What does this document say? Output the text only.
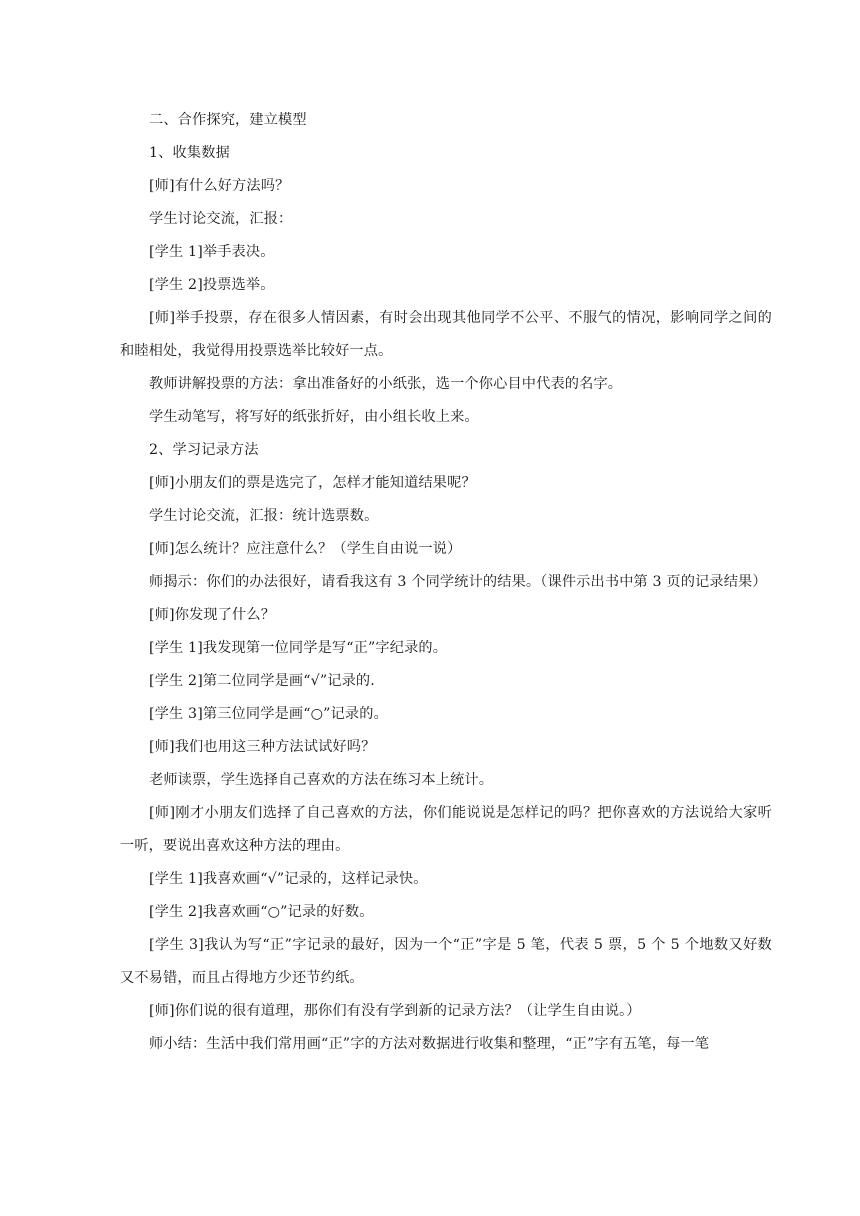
二、合作探究，建立模型

1、收集数据

[师]有什么好方法吗？

学生讨论交流，汇报：

[学生 1]举手表决。

[学生 2]投票选举。

[师]举手投票，存在很多人情因素，有时会出现其他同学不公平、不服气的情况，影响同学之间的和睦相处，我觉得用投票选举比较好一点。

教师讲解投票的方法：拿出准备好的小纸张，选一个你心目中代表的名字。

学生动笔写，将写好的纸张折好，由小组长收上来。

2、学习记录方法

[师]小朋友们的票是选完了，怎样才能知道结果呢？

学生讨论交流，汇报：统计选票数。

[师]怎么统计？应注意什么？（学生自由说一说）

师揭示：你们的办法很好，请看我这有 3 个同学统计的结果。（课件示出书中第 3 页的记录结果）

[师]你发现了什么？

[学生 1]我发现第一位同学是写“正”字纪录的。

[学生 2]第二位同学是画“√”记录的.

[学生 3]第三位同学是画“○”记录的。

[师]我们也用这三种方法试试好吗？

老师读票，学生选择自己喜欢的方法在练习本上统计。

[师]刚才小朋友们选择了自己喜欢的方法，你们能说说是怎样记的吗？把你喜欢的方法说给大家听一听，要说出喜欢这种方法的理由。

[学生 1]我喜欢画“√”记录的，这样记录快。

[学生 2]我喜欢画“○”记录的好数。

[学生 3]我认为写“正”字记录的最好，因为一个“正”字是 5 笔，代表 5 票，5 个 5 个地数又好数又不易错，而且占得地方少还节约纸。

[师]你们说的很有道理，那你们有没有学到新的记录方法？（让学生自由说。）

师小结：生活中我们常用画“正”字的方法对数据进行收集和整理，“正”字有五笔，每一笔
